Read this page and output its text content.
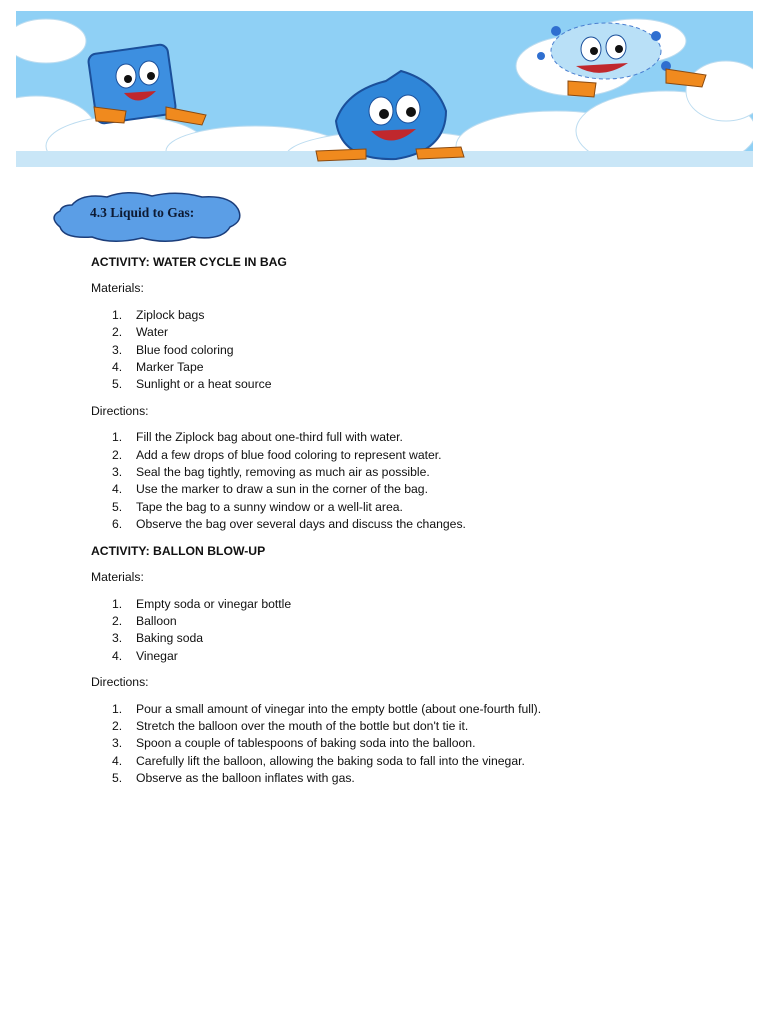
4.3 Liquid to Gas:

ACTIVITY: WATER CYCLE IN BAG

Materials:

1. Ziplock bags
2. Water
3. Blue food coloring
4. Marker Tape
5. Sunlight or a heat source

Directions:

1. Fill the Ziplock bag about one-third full with water.
2. Add a few drops of blue food coloring to represent water.
3. Seal the bag tightly, removing as much air as possible.
4. Use the marker to draw a sun in the corner of the bag.
5. Tape the bag to a sunny window or a well-lit area.
6. Observe the bag over several days and discuss the changes.

ACTIVITY: BALLON BLOW-UP

Materials:

1. Empty soda or vinegar bottle
2. Balloon
3. Baking soda
4. Vinegar

Directions:

1. Pour a small amount of vinegar into the empty bottle (about one-fourth full).
2. Stretch the balloon over the mouth of the bottle but don't tie it.
3. Spoon a couple of tablespoons of baking soda into the balloon.
4. Carefully lift the balloon, allowing the baking soda to fall into the vinegar.
5. Observe as the balloon inflates with gas.
